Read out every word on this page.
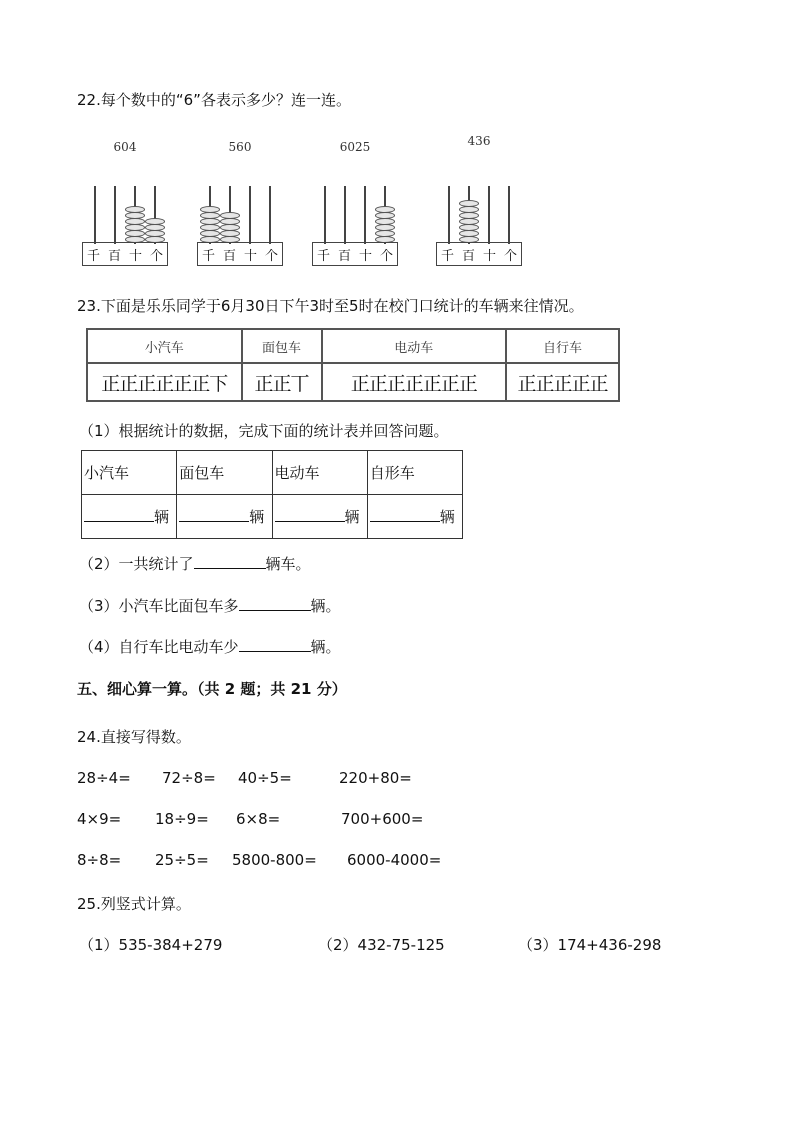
22.每个数中的“6”各表示多少？连一连。
604
千 百 十 个
560
千 百 十 个
6025
千 百 十 个
436
千 百 十 个
23.下面是乐乐同学于6月30日下午3时至5时在校门口统计的车辆来往情况。
小汽车	面包车	电动车	自行车
正正正正正正下	正正丅	正正正正正正正	正正正正正
（1）根据统计的数据，完成下面的统计表并回答问题。
小汽车	面包车	电动车	自形车
辆	辆	辆	辆
（2）一共统计了	辆车。
（3）小汽车比面包车多	辆。
（4）自行车比电动车少	辆。
五、细心算一算。（共 2 题；共 21 分）
24.直接写得数。
28÷4= 72÷8= 40÷5=	220+80=
4×9= 18÷9= 6×8=	700+600=
8÷8= 25÷5= 5800-800= 6000-4000=
25.列竖式计算。
（1）535-384+279	（2）432-75-125	（3）174+436-298
